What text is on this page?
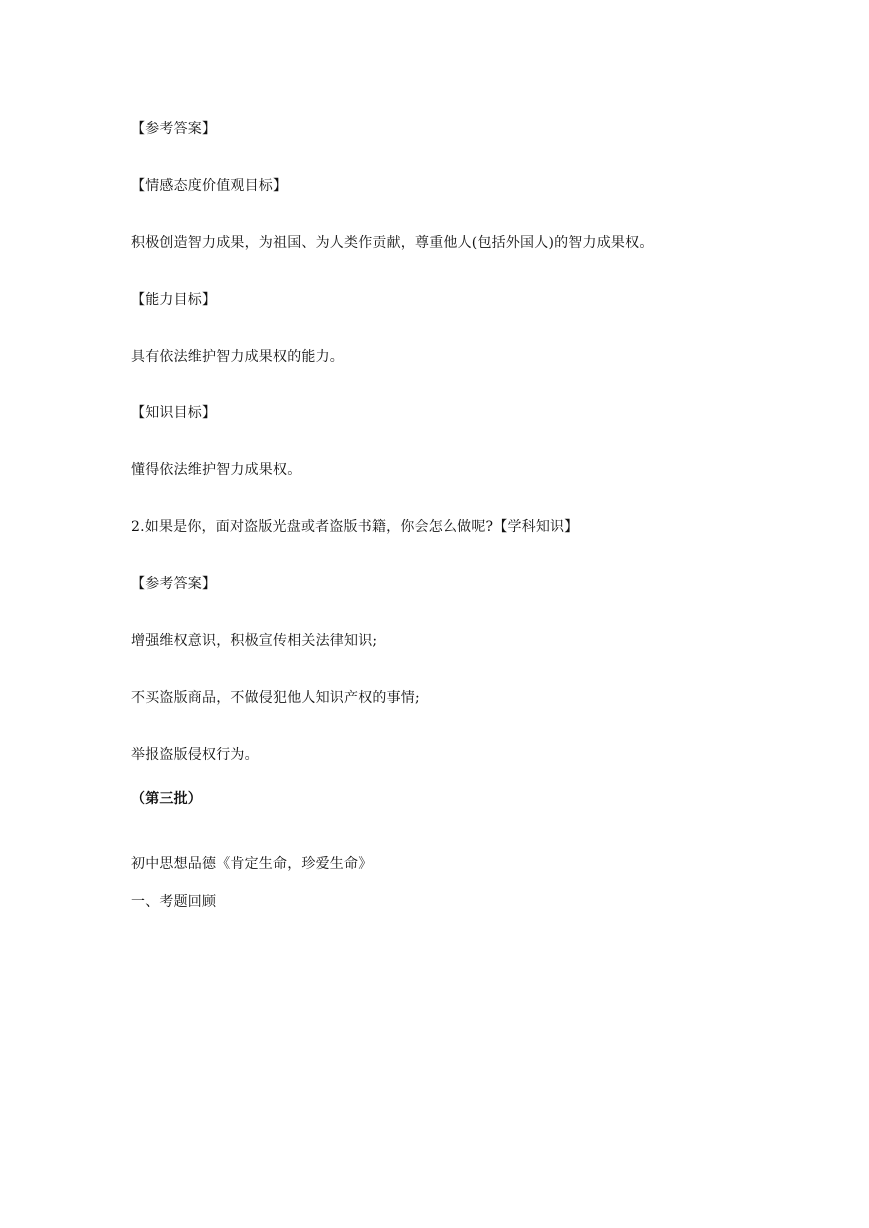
【参考答案】
【情感态度价值观目标】
积极创造智力成果，为祖国、为人类作贡献，尊重他人(包括外国人)的智力成果权。
【能力目标】
具有依法维护智力成果权的能力。
【知识目标】
懂得依法维护智力成果权。
2.如果是你，面对盗版光盘或者盗版书籍，你会怎么做呢?【学科知识】
【参考答案】
增强维权意识，积极宣传相关法律知识;
不买盗版商品，不做侵犯他人知识产权的事情;
举报盗版侵权行为。
（第三批）
初中思想品德《肯定生命，珍爱生命》
一、考题回顾
